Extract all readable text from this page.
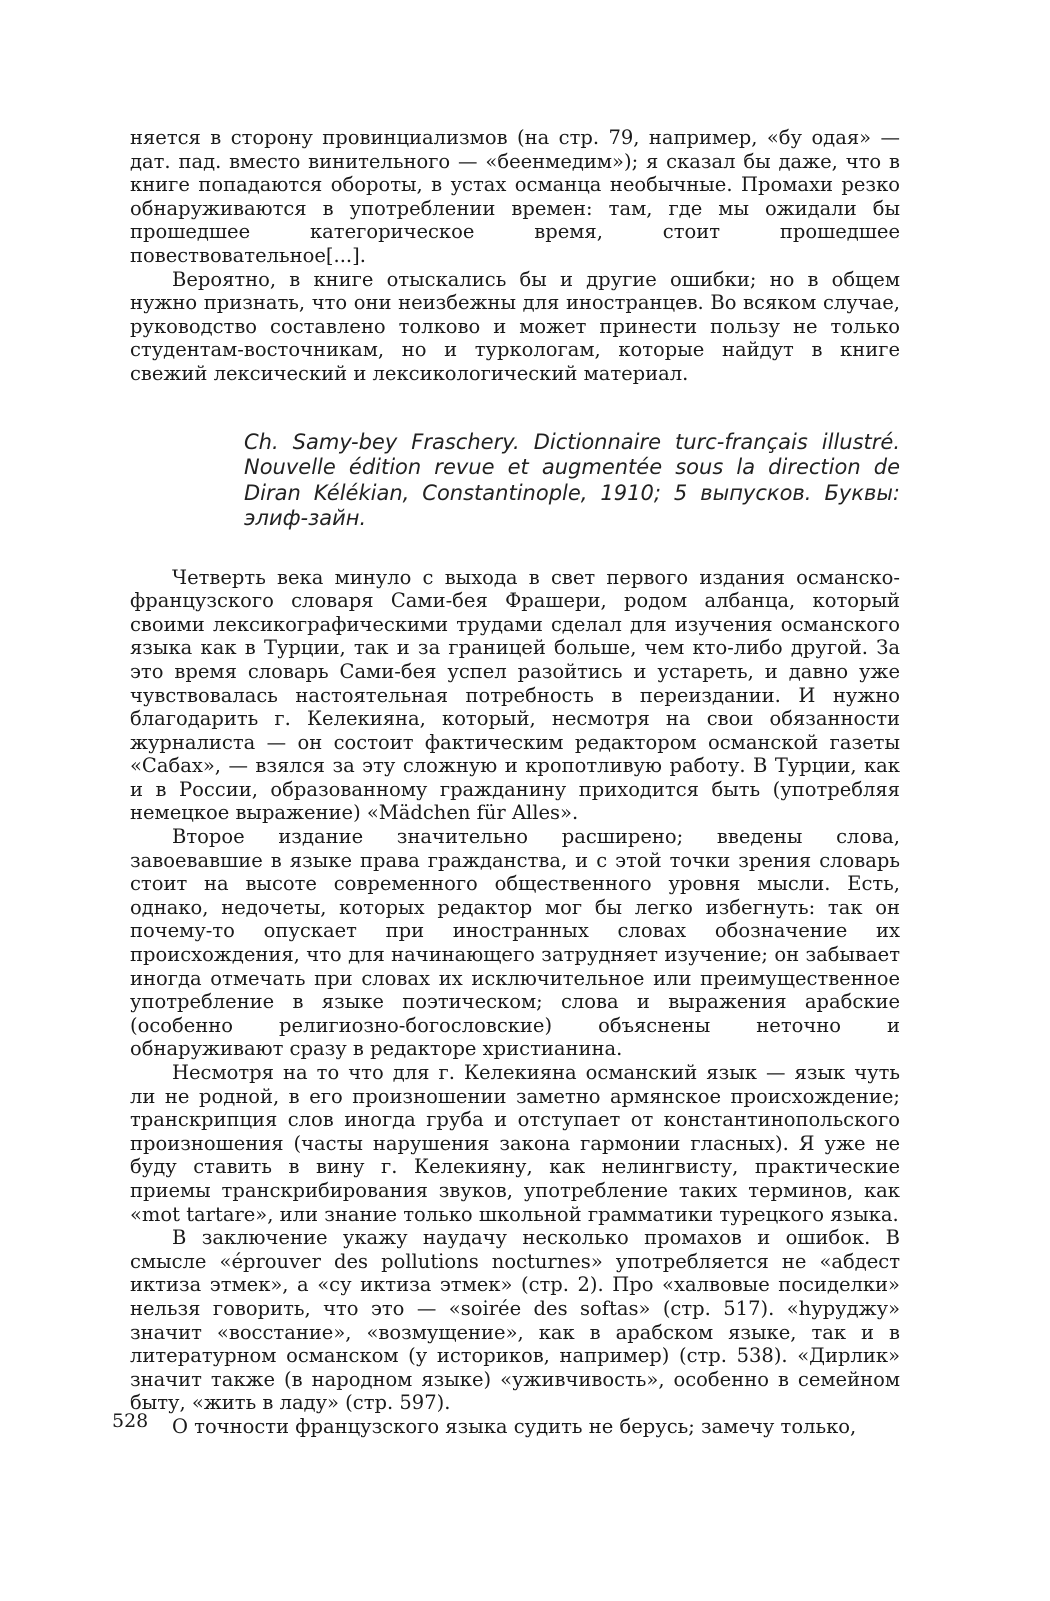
няется в сторону провинциализмов (на стр. 79, например, «бу одая» — дат. пад. вместо винительного — «беенмедим»); я сказал бы даже, что в книге попадаются обороты, в устах османца необычные. Промахи резко обнаруживаются в употреблении времен: там, где мы ожидали бы прошедшее категорическое время, стоит прошедшее повествовательное[...].

Вероятно, в книге отыскались бы и другие ошибки; но в общем нужно признать, что они неизбежны для иностранцев. Во всяком случае, руководство составлено толково и может принести пользу не только студентам-восточникам, но и туркологам, которые найдут в книге свежий лексический и лексикологический материал.

Ch. Samy-bey Fraschery. Dictionnaire turc-français illustré. Nouvelle édition revue et augmentée sous la direction de Diran Kélékian, Constantinople, 1910; 5 выпусков. Буквы: элиф-зайн.

Четверть века минуло с выхода в свет первого издания османско-французского словаря Сами-бея Фрашери, родом албанца, который своими лексикографическими трудами сделал для изучения османского языка как в Турции, так и за границей больше, чем кто-либо другой. За это время словарь Сами-бея успел разойтись и устареть, и давно уже чувствовалась настоятельная потребность в переиздании. И нужно благодарить г. Келекияна, который, несмотря на свои обязанности журналиста — он состоит фактическим редактором османской газеты «Сабах», — взялся за эту сложную и кропотливую работу. В Турции, как и в России, образованному гражданину приходится быть (употребляя немецкое выражение) «Mädchen für Alles».

Второе издание значительно расширено; введены слова, завоевавшие в языке права гражданства, и с этой точки зрения словарь стоит на высоте современного общественного уровня мысли. Есть, однако, недочеты, которых редактор мог бы легко избегнуть: так он почему-то опускает при иностранных словах обозначение их происхождения, что для начинающего затрудняет изучение; он забывает иногда отмечать при словах их исключительное или преимущественное употребление в языке поэтическом; слова и выражения арабские (особенно религиозно-богословские) объяснены неточно и обнаруживают сразу в редакторе христианина.

Несмотря на то что для г. Келекияна османский язык — язык чуть ли не родной, в его произношении заметно армянское происхождение; транскрипция слов иногда груба и отступает от константинопольского произношения (часты нарушения закона гармонии гласных). Я уже не буду ставить в вину г. Келекияну, как нелингвисту, практические приемы транскрибирования звуков, употребление таких терминов, как «mot tartare», или знание только школьной грамматики турецкого языка.

В заключение укажу наудачу несколько промахов и ошибок. В смысле «éprouver des pollutions nocturnes» употребляется не «абдест иктиза этмек», а «су иктиза этмек» (стр. 2). Про «халвовые посиделки» нельзя говорить, что это — «soirée des softas» (стр. 517). «hуруджу» значит «восстание», «возмущение», как в арабском языке, так и в литературном османском (у историков, например) (стр. 538). «Дирлик» значит также (в народном языке) «уживчивость», особенно в семейном быту, «жить в ладу» (стр. 597).

О точности французского языка судить не берусь; замечу только,

528
